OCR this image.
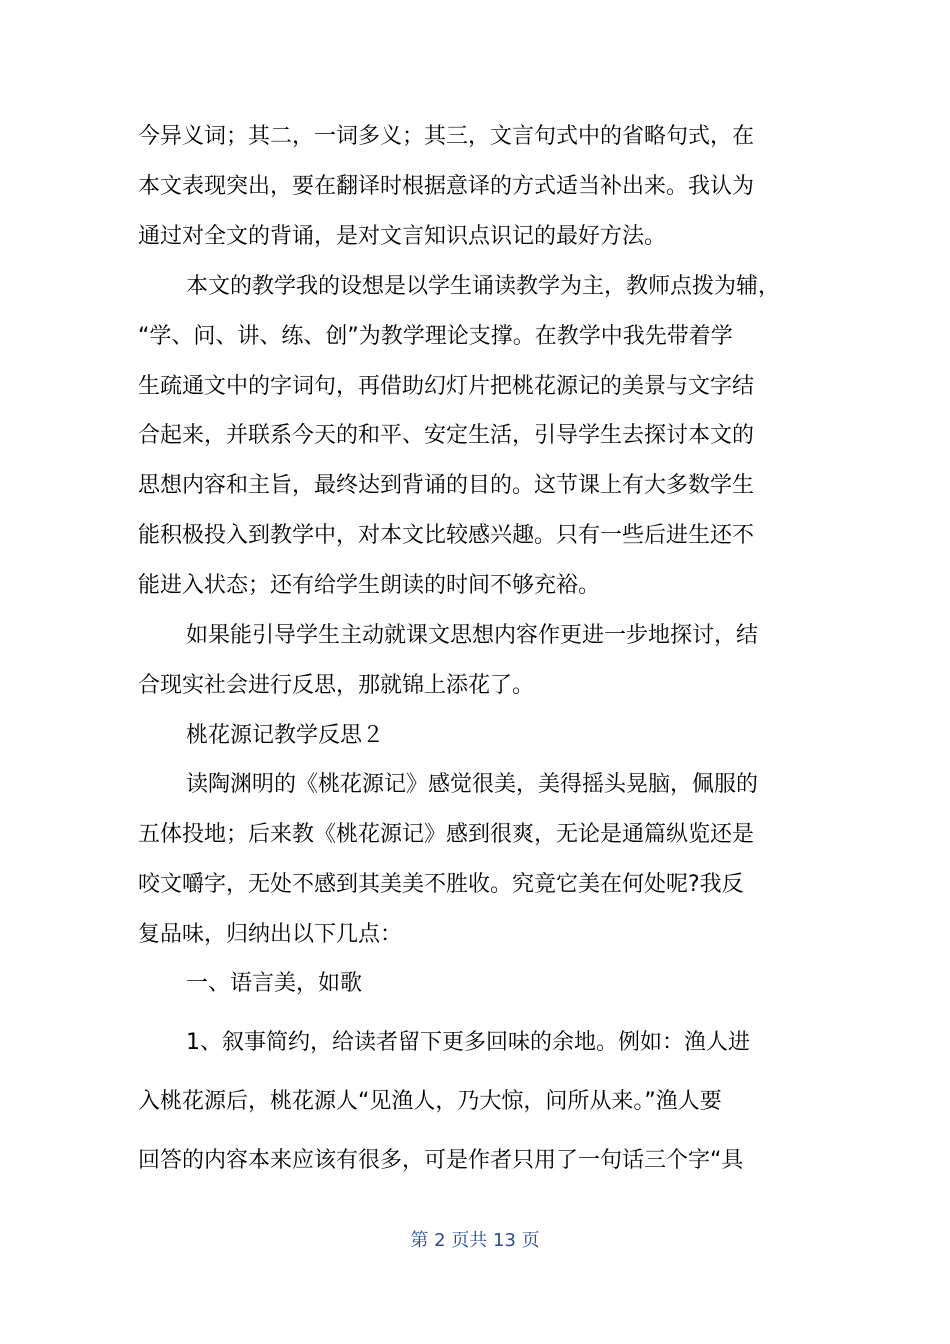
今异义词；其二，一词多义；其三，文言句式中的省略句式，在
本文表现突出，要在翻译时根据意译的方式适当补出来。我认为
通过对全文的背诵，是对文言知识点识记的最好方法。
本文的教学我的设想是以学生诵读教学为主，教师点拨为辅，
“学、问、讲、练、创”为教学理论支撑。在教学中我先带着学
生疏通文中的字词句，再借助幻灯片把桃花源记的美景与文字结
合起来，并联系今天的和平、安定生活，引导学生去探讨本文的
思想内容和主旨，最终达到背诵的目的。这节课上有大多数学生
能积极投入到教学中，对本文比较感兴趣。只有一些后进生还不
能进入状态；还有给学生朗读的时间不够充裕。
如果能引导学生主动就课文思想内容作更进一步地探讨，结
合现实社会进行反思，那就锦上添花了。
桃花源记教学反思２
读陶渊明的《桃花源记》感觉很美，美得摇头晃脑，佩服的
五体投地；后来教《桃花源记》感到很爽，无论是通篇纵览还是
咬文嚼字，无处不感到其美美不胜收。究竟它美在何处呢?我反
复品味，归纳出以下几点：
一、语言美，如歌
1、叙事简约，给读者留下更多回味的余地。例如：渔人进
入桃花源后，桃花源人“见渔人，乃大惊，问所从来。”渔人要
回答的内容本来应该有很多，可是作者只用了一句话三个字“具
第 2 页共 13 页
